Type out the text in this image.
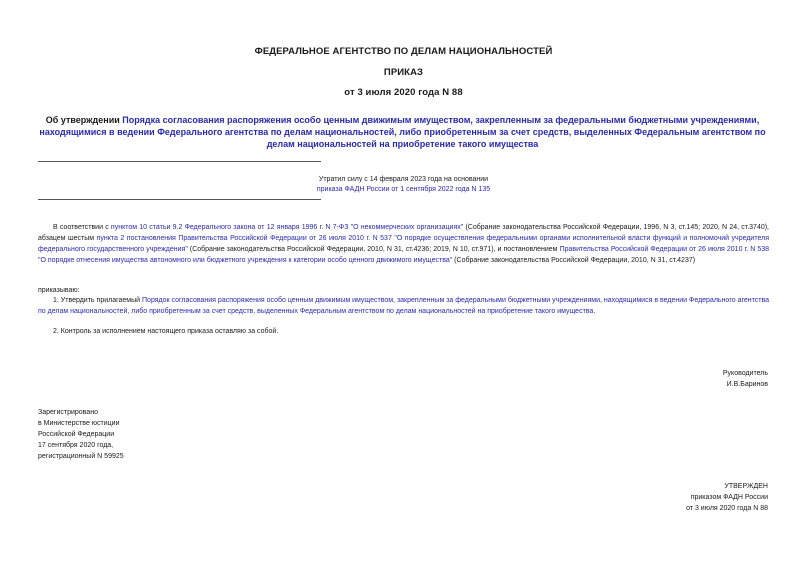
ФЕДЕРАЛЬНОЕ АГЕНТСТВО ПО ДЕЛАМ НАЦИОНАЛЬНОСТЕЙ
ПРИКАЗ
от 3 июля 2020 года N 88
Об утверждении Порядка согласования распоряжения особо ценным движимым имуществом, закрепленным за федеральными бюджетными учреждениями, находящимися в ведении Федерального агентства по делам национальностей, либо приобретенным за счет средств, выделенных Федеральным агентством по делам национальностей на приобретение такого имущества
Утратил силу с 14 февраля 2023 года на основании
приказа ФАДН России от 1 сентября 2022 года N 135
В соответствии с пунктом 10 статьи 9.2 Федерального закона от 12 января 1996 г. N 7-ФЗ "О некоммерческих организациях" (Собрание законодательства Российской Федерации, 1996, N 3, ст.145; 2020, N 24, ст.3740), абзацем шестым пункта 2 постановления Правительства Российской Федерации от 26 июля 2010 г. N 537 "О порядке осуществления федеральными органами исполнительной власти функций и полномочий учредителя федерального государственного учреждения" (Собрание законодательства Российской Федерации, 2010, N 31, ст.4236; 2019, N 10, ст.971), и постановлением Правительства Российской Федерации от 26 июля 2010 г. N 538 "О порядке отнесения имущества автономного или бюджетного учреждения к категории особо ценного движимого имущества" (Собрание законодательства Российской Федерации, 2010, N 31, ст.4237)
приказываю:
1. Утвердить прилагаемый Порядок согласования распоряжения особо ценным движимым имуществом, закрепленным за федеральными бюджетными учреждениями, находящимися в ведении Федерального агентства по делам национальностей, либо приобретенным за счет средств, выделенных Федеральным агентством по делам национальностей на приобретение такого имущества.
2. Контроль за исполнением настоящего приказа оставляю за собой.
Руководитель
И.В.Баринов
Зарегистрировано
в Министерстве юстиции
Российской Федерации
17 сентября 2020 года,
регистрационный N 59925
УТВЕРЖДЕН
приказом ФАДН России
от 3 июля 2020 года N 88
